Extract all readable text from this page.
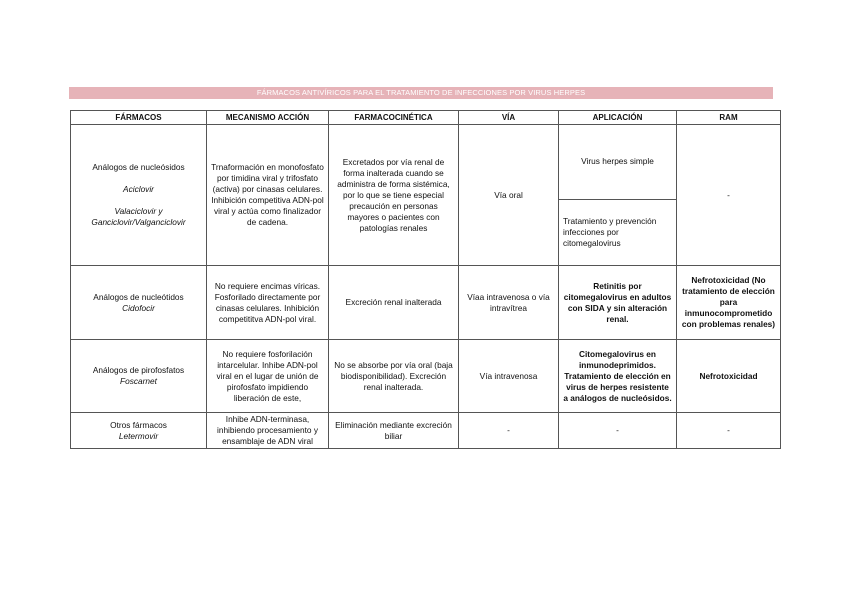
FÁRMACOS ANTIVÍRICOS PARA EL TRATAMIENTO DE INFECCIONES POR VIRUS HERPES
FÁRMACOS	MECANISMO ACCIÓN	FARMACOCINÉTICA	VÍA	APLICACIÓN	RAM
Análogos de nucleósidos
Aciclovir
Valaciclovir y Ganciclovir/Valganciclovir	Trnaformación en monofosfato por timidina viral y trifosfato (activa) por cinasas celulares. Inhibición competitiva ADN-pol viral y actúa como finalizador de cadena.	Excretados por vía renal de forma inalterada cuando se administra de forma sistémica, por lo que se tiene especial precaución en personas mayores o pacientes con patologías renales	Vía oral	Virus herpes simple	-
				Tratamiento y prevención infecciones por citomegalovirus	
Análogos de nucleótidos
Cidofocir	No requiere encimas víricas. Fosforilado directamente por cinasas celulares. Inhibición competititva ADN-pol viral.	Excreción renal inalterada	Víaa intravenosa o vía intravítrea	Retinitis por citomegalovirus en adultos con SIDA y sin alteración renal.	Nefrotoxicidad (No tratamiento de elección para inmunocomprometido con problemas renales)
Análogos de pirofosfatos
Foscarnet	No requiere fosforilación intarcelular. Inhibe ADN-pol viral en el lugar de unión de pirofosfato impidiendo liberación de este,	No se absorbe por vía oral (baja biodisponibilidad). Excreción renal inalterada.	Vía intravenosa	Citomegalovirus en inmunodeprimidos. Tratamiento de elección en virus de herpes resistente a análogos de nucleósidos.	Nefrotoxicidad
Otros fármacos
Letermovir	Inhibe ADN-terminasa, inhibiendo procesamiento y ensamblaje de ADN viral	Eliminación mediante excreción biliar	-	-	-
